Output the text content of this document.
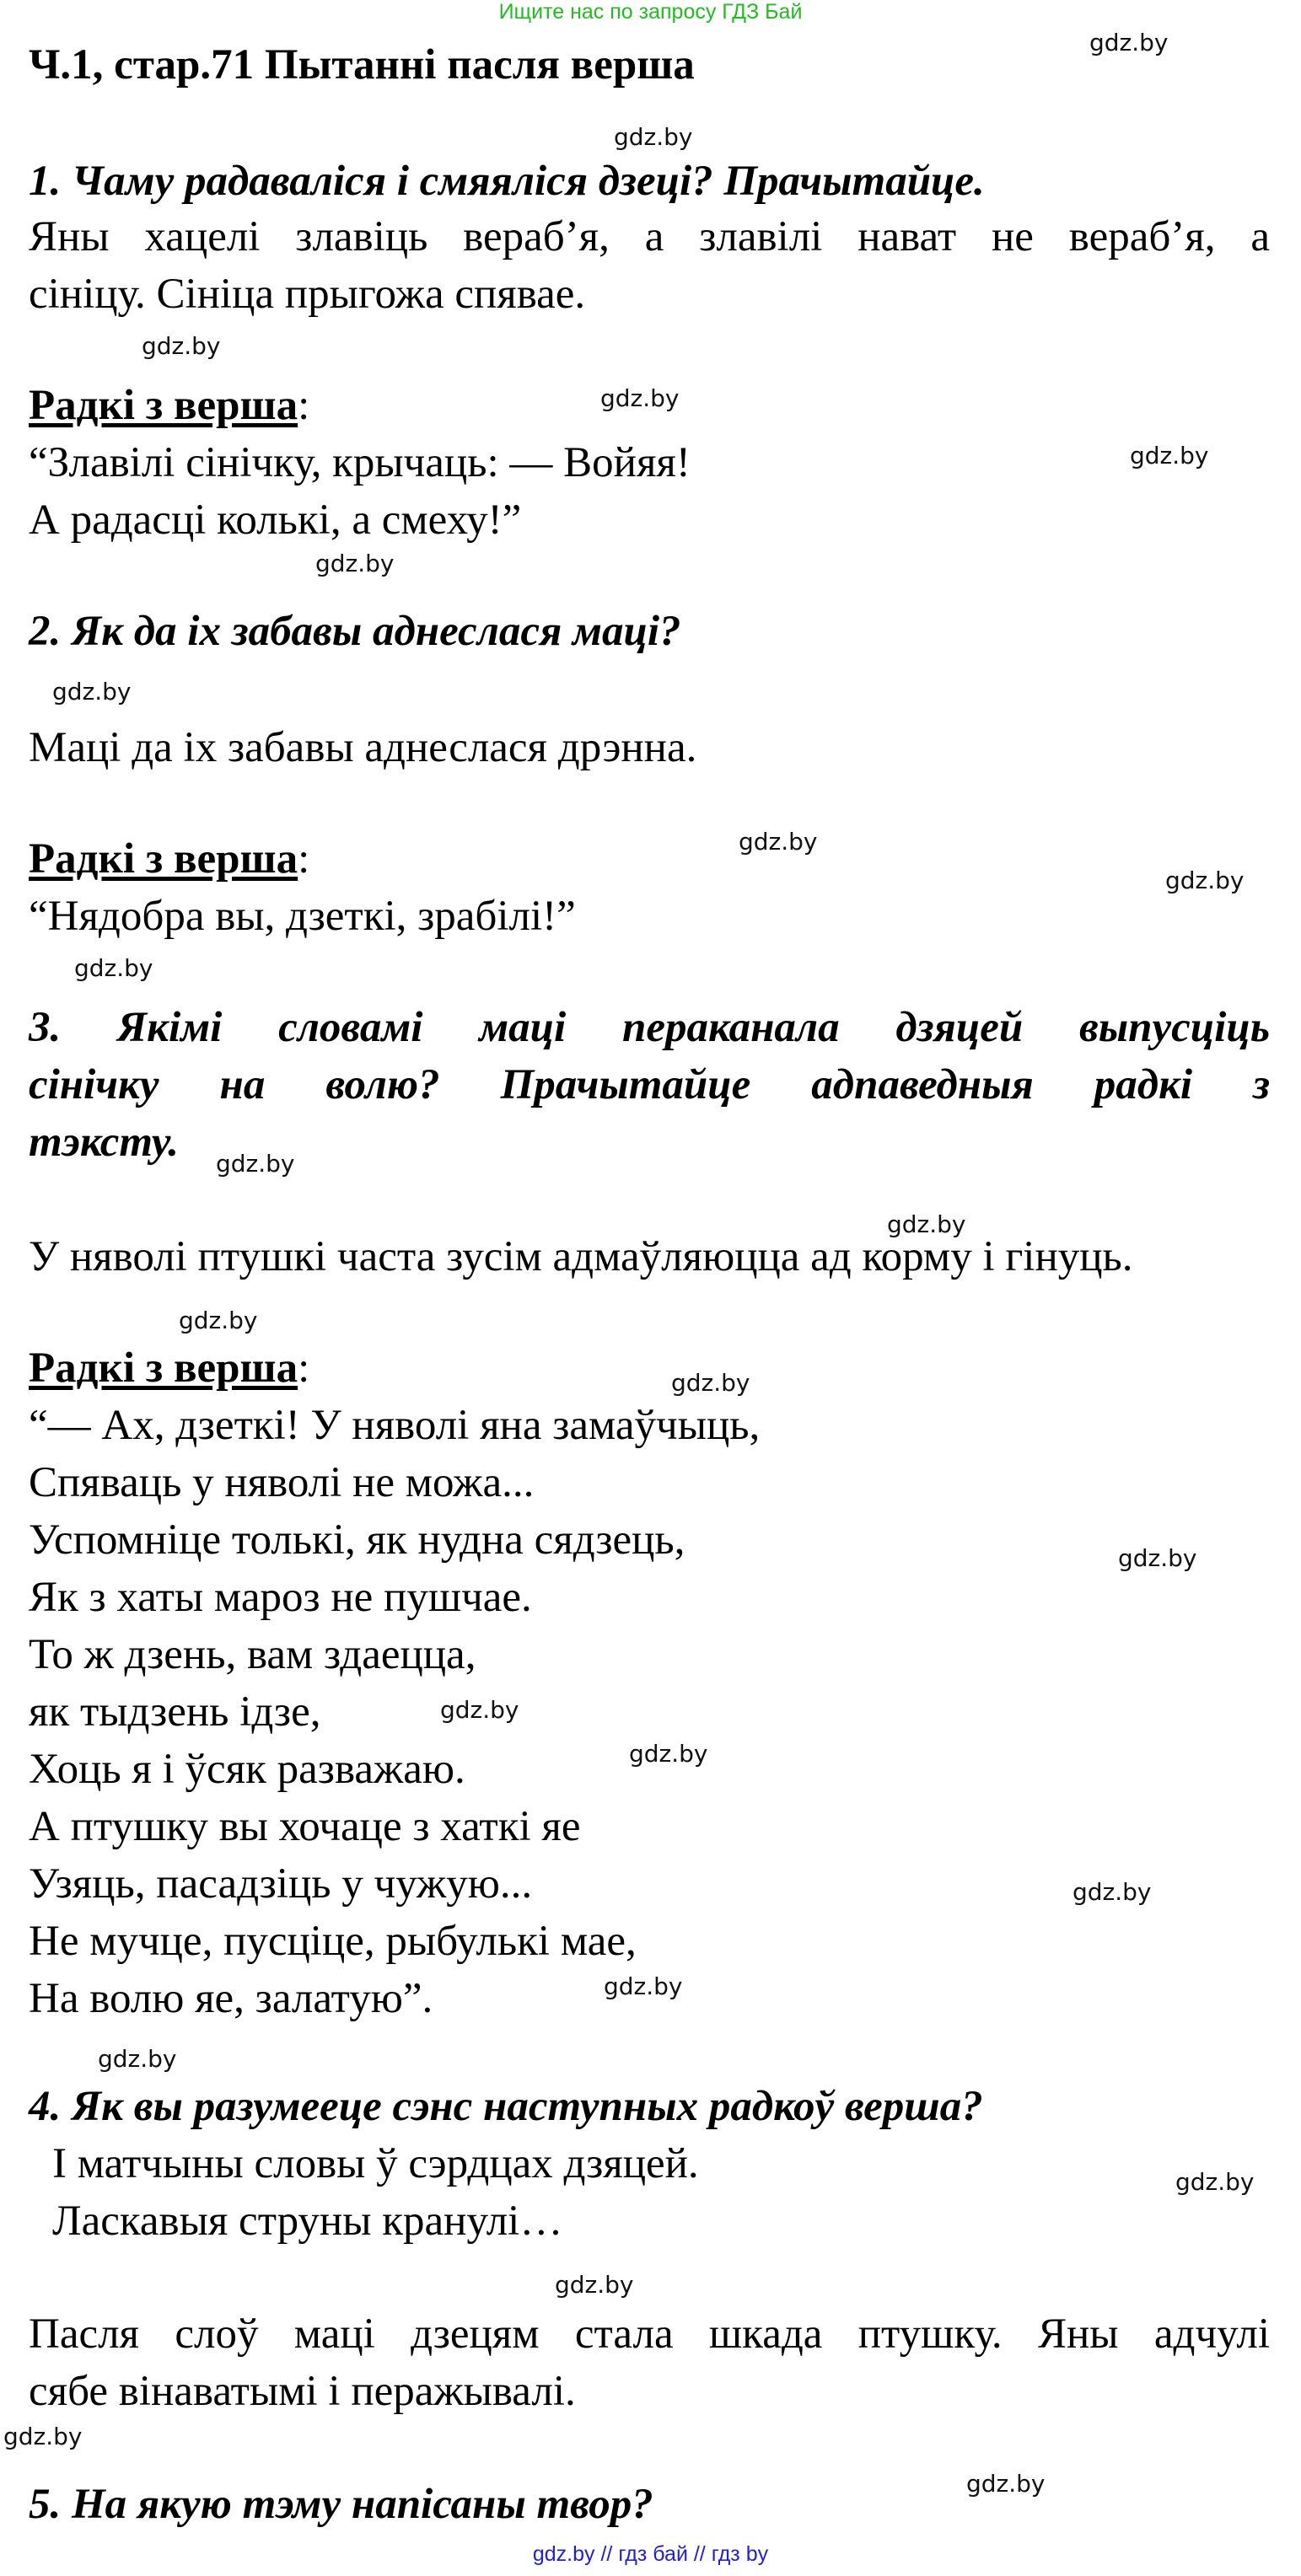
Ищите нас по запросу ГДЗ Бай
Ч.1, стар.71 Пытанні пасля верша
1. Чаму радаваліся і смяяліся дзеці? Прачытайце.
Яны хацелі злавіць вераб’я, а злавілі нават не вераб’я, а
сініцу. Сініца прыгожа спявае.
Радкі з верша:
“Злавілі сінічку, крычаць: — Войяя!
А радасці колькі, а смеху!”
2. Як да іх забавы аднеслася маці?
Маці да іх забавы аднеслася дрэнна.
Радкі з верша:
“Нядобра вы, дзеткі, зрабілі!”
3. Якімі словамі маці пераканала дзяцей выпусціць
сінічку на волю? Прачытайце адпаведныя радкі з
тэксту.
У няволі птушкі часта зусім адмаўляюцца ад корму і гінуць.
Радкі з верша:
“— Ах, дзеткі! У няволі яна замаўчыць,
Спяваць у няволі не можа...
Успомніце толькі, як нудна сядзець,
Як з хаты мароз не пушчае.
То ж дзень, вам здаецца,
як тыдзень ідзе,
Хоць я і ўсяк разважаю.
А птушку вы хочаце з хаткі яе
Узяць, пасадзіць у чужую...
Не мучце, пусціце, рыбулькі мае,
На волю яе, залатую”.
4. Як вы разумееце сэнс наступных радкоў верша?
І матчыны словы ў сэрдцах дзяцей.
Ласкавыя струны кранулі…
Пасля слоў маці дзецям стала шкада птушку. Яны адчулі
сябе вінаватымі і перажывалі.
5. На якую тэму напісаны твор?
gdz.by
gdz.by
gdz.by
gdz.by
gdz.by
gdz.by
gdz.by
gdz.by
gdz.by
gdz.by
gdz.by
gdz.by
gdz.by
gdz.by
gdz.by
gdz.by
gdz.by
gdz.by
gdz.by
gdz.by
gdz.by
gdz.by
gdz.by
gdz.by
gdz.by // гдз бай // гдз by
